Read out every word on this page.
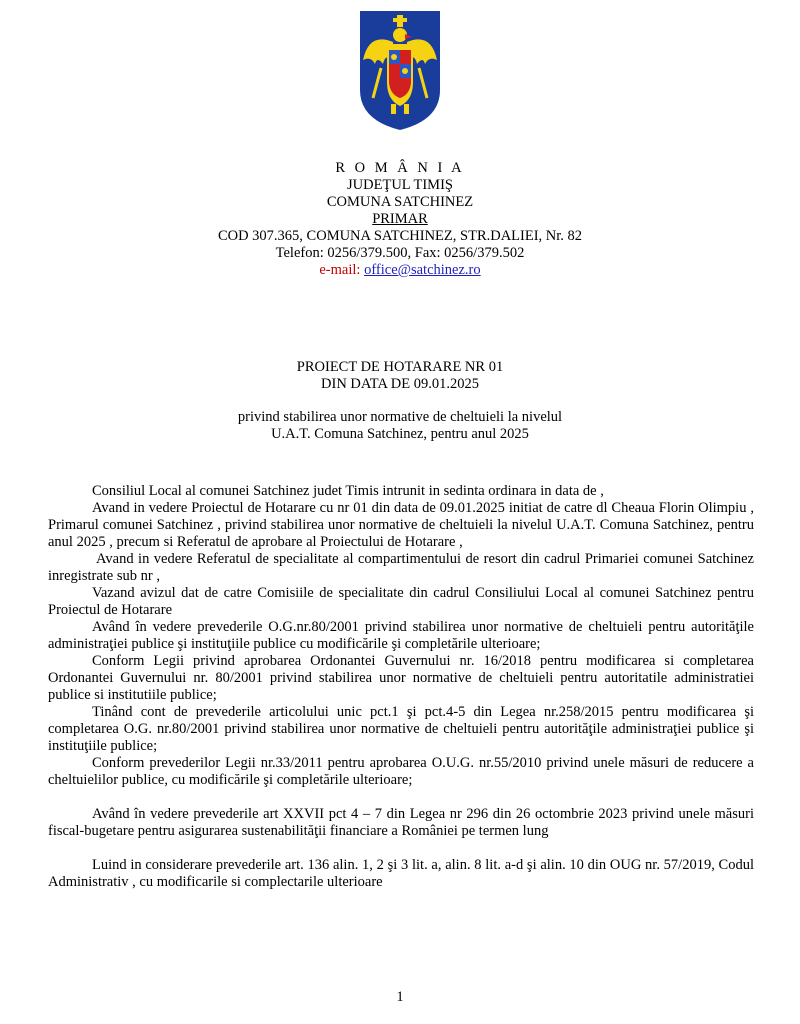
R O M Â N I A
JUDEŢUL TIMIŞ
COMUNA SATCHINEZ
PRIMAR
COD 307.365, COMUNA SATCHINEZ, STR.DALIEI, Nr. 82
Telefon: 0256/379.500, Fax: 0256/379.502
e-mail: office@satchinez.ro
PROIECT DE HOTARARE NR 01
DIN DATA DE 09.01.2025
privind stabilirea unor normative de cheltuieli la nivelul
U.A.T. Comuna Satchinez, pentru anul 2025

Consiliul Local al comunei Satchinez judet Timis intrunit in sedinta ordinara in data de ,

Avand in vedere Proiectul de Hotarare cu nr 01 din data de 09.01.2025 initiat de catre dl Cheaua Florin Olimpiu , Primarul comunei Satchinez , privind stabilirea unor normative de cheltuieli la nivelul U.A.T. Comuna Satchinez, pentru anul 2025 , precum si Referatul de aprobare al Proiectului de Hotarare ,

Avand in vedere Referatul de specialitate al compartimentului de resort din cadrul Primariei comunei Satchinez inregistrate sub nr ,

Vazand avizul dat de catre Comisiile de specialitate din cadrul Consiliului Local al comunei Satchinez pentru Proiectul de Hotarare

Având în vedere prevederile O.G.nr.80/2001 privind stabilirea unor normative de cheltuieli pentru autorităţile administraţiei publice şi instituţiile publice cu modificările şi completările ulterioare;

Conform Legii privind aprobarea Ordonantei Guvernului nr. 16/2018 pentru modificarea si completarea Ordonantei Guvernului nr. 80/2001 privind stabilirea unor normative de cheltuieli pentru autoritatile administratiei publice si institutiile publice;

Tinând cont de prevederile articolului unic pct.1 şi pct.4-5 din Legea nr.258/2015 pentru modificarea şi completarea O.G. nr.80/2001 privind stabilirea unor normative de cheltuieli pentru autorităţile administraţiei publice şi instituţiile publice;

Conform prevederilor Legii nr.33/2011 pentru aprobarea O.U.G. nr.55/2010 privind unele măsuri de reducere a cheltuielilor publice, cu modificările şi completările ulterioare;

Având în vedere prevederile art XXVII pct 4 – 7 din Legea nr 296 din 26 octombrie 2023 privind unele măsuri fiscal-bugetare pentru asigurarea sustenabilităţii financiare a României pe termen lung

Luind in considerare prevederile art. 136 alin. 1, 2 şi 3 lit. a, alin. 8 lit. a-d şi alin. 10 din OUG nr. 57/2019, Codul Administrativ , cu modificarile si complectarile ulterioare

1
